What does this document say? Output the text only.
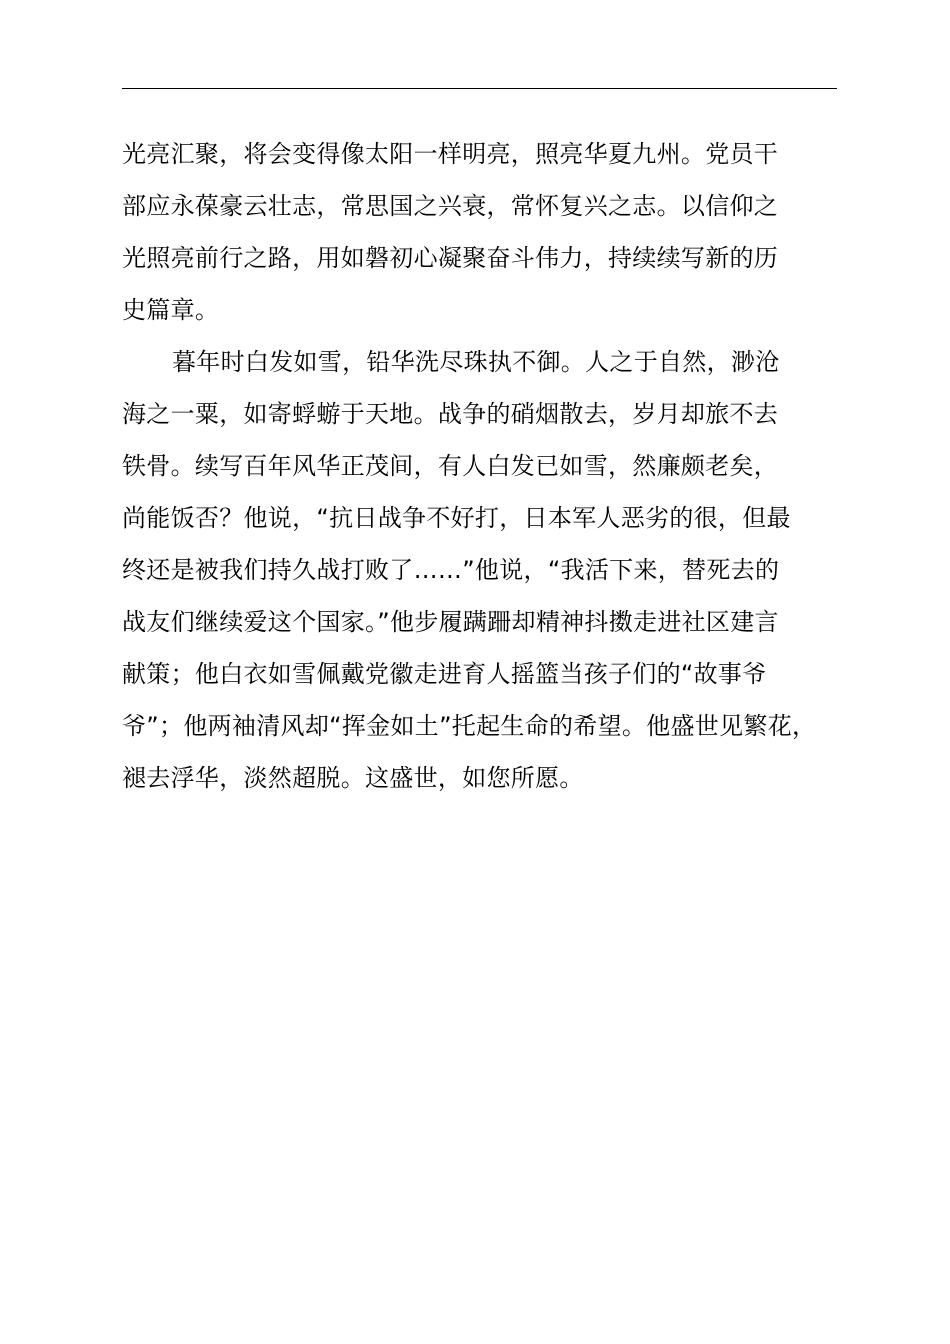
光亮汇聚，将会变得像太阳一样明亮，照亮华夏九州。党员干
部应永葆豪云壮志，常思国之兴衰，常怀复兴之志。以信仰之
光照亮前行之路，用如磐初心凝聚奋斗伟力，持续续写新的历
史篇章。
暮年时白发如雪，铅华洗尽珠执不御。人之于自然，渺沧
海之一粟，如寄蜉蝣于天地。战争的硝烟散去，岁月却旅不去
铁骨。续写百年风华正茂间，有人白发已如雪，然廉颇老矣，
尚能饭否？他说，“抗日战争不好打，日本军人恶劣的很，但最
终还是被我们持久战打败了……”他说，“我活下来，替死去的
战友们继续爱这个国家。”他步履蹒跚却精神抖擞走进社区建言
献策；他白衣如雪佩戴党徽走进育人摇篮当孩子们的“故事爷
爷”；他两袖清风却“挥金如土”托起生命的希望。他盛世见繁花，
褪去浮华，淡然超脱。这盛世，如您所愿。
